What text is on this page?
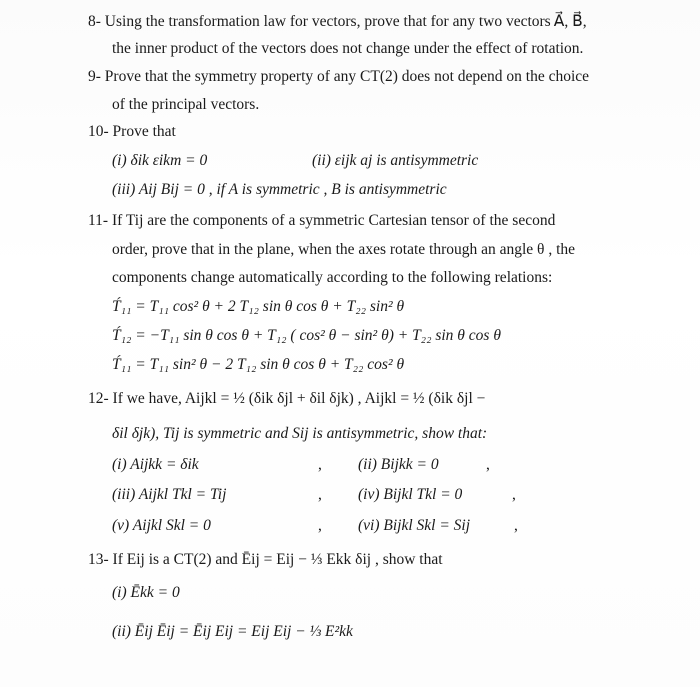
8- Using the transformation law for vectors, prove that for any two vectors A⃗, B⃗,
the inner product of the vectors does not change under the effect of rotation.
9- Prove that the symmetry property of any CT(2) does not depend on the choice
of the principal vectors.
10- Prove that
(i) δik εikm = 0	(ii) εijk aj is antisymmetric
(iii) Aij Bij = 0 , if A is symmetric , B is antisymmetric
11- If Tij are the components of a symmetric Cartesian tensor of the second
order, prove that in the plane, when the axes rotate through an angle θ , the
components change automatically according to the following relations:
T́₁₁ = T₁₁ cos² θ + 2 T₁₂ sin θ cos θ + T₂₂ sin² θ
T́₁₂ = −T₁₁ sin θ cos θ + T₁₂ ( cos² θ − sin² θ) + T₂₂ sin θ cos θ
T́₁₁ = T₁₁ sin² θ − 2 T₁₂ sin θ cos θ + T₂₂ cos² θ
12- If we have, Aijkl = ½ (δik δjl + δil δjk) , Aijkl = ½ (δik δjl −
δil δjk), Tij is symmetric and Sij is antisymmetric, show that:
(i) Aijkk = δik	, (ii) Bijkk = 0	,
(iii) Aijkl Tkl = Tij	, (iv) Bijkl Tkl = 0	,
(v) Aijkl Skl = 0	, (vi) Bijkl Skl = Sij	,
13- If Eij is a CT(2) and Ēij = Eij − ⅓ Ekk δij , show that
(i) Ēkk = 0
(ii) Ēij Ēij = Ēij Eij = Eij Eij − ⅓ E²kk
